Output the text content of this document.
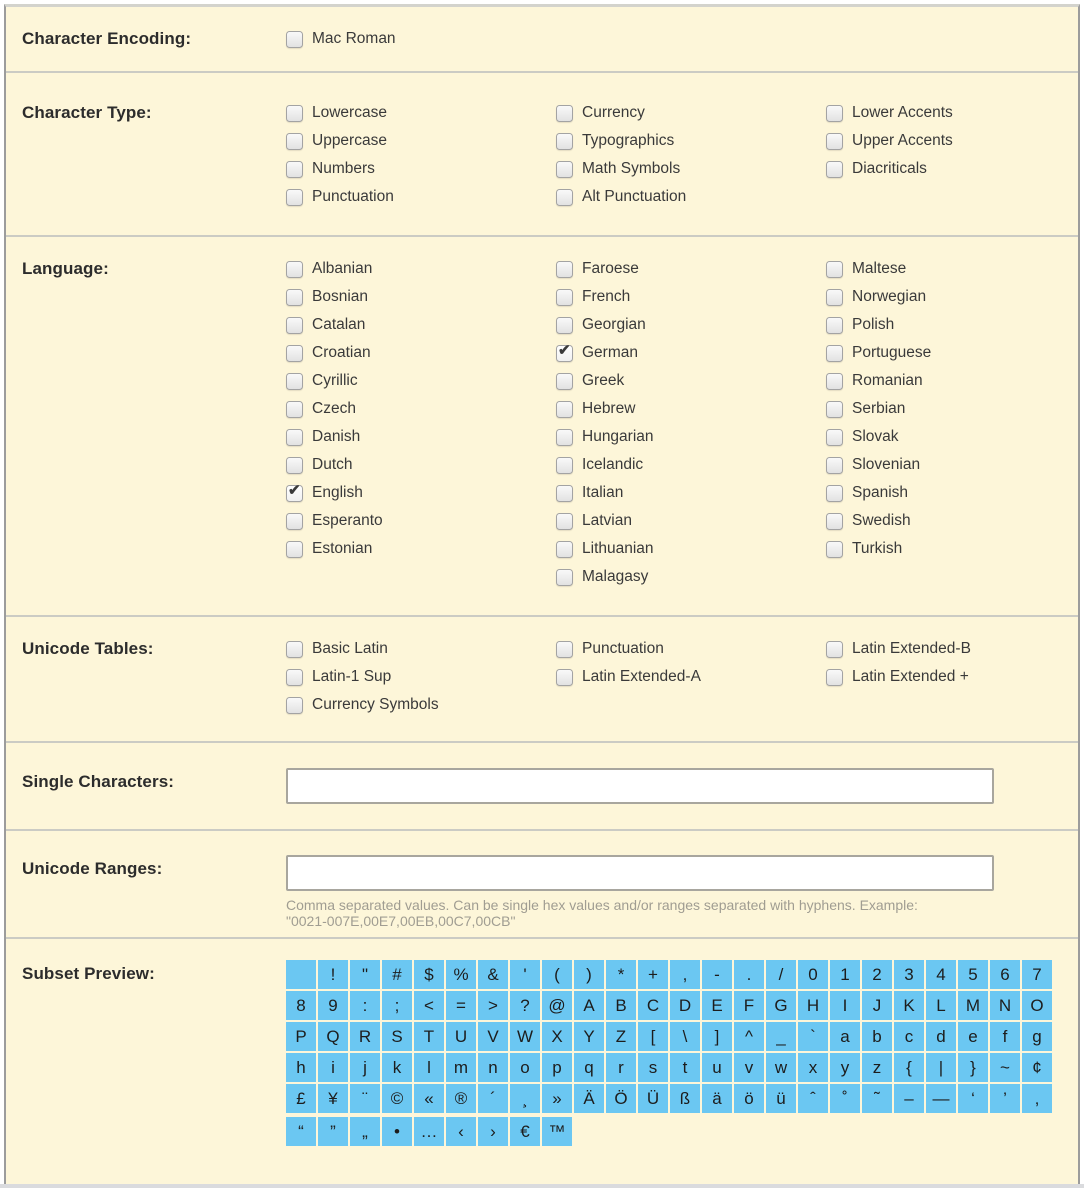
Character Encoding:	Mac Roman
Character Type:	Lowercase
Uppercase
Numbers
Punctuation
Currency
Typographics
Math Symbols
Alt Punctuation
Lower Accents
Upper Accents
Diacriticals
Language:	Albanian
Bosnian
Catalan
Croatian
Cyrillic
Czech
Danish
Dutch
✔ English
Esperanto
Estonian
Faroese
French
Georgian
✔ German
Greek
Hebrew
Hungarian
Icelandic
Italian
Latvian
Lithuanian
Malagasy
Maltese
Norwegian
Polish
Portuguese
Romanian
Serbian
Slovak
Slovenian
Spanish
Swedish
Turkish
Unicode Tables:	Basic Latin
Latin-1 Sup
Currency Symbols
Punctuation
Latin Extended-A
Latin Extended-B
Latin Extended +
Single Characters:
Unicode Ranges:
Comma separated values. Can be single hex values and/or ranges separated with hyphens. Example: "0021-007E,00E7,00EB,00C7,00CB"
Subset Preview:	!	"	#	$	%	&	'	(	)	*	+	,	-	.	/	0	1	2	3	4	5	6	7
8	9	:	;	<	=	>	?	@	A	B	C	D	E	F	G	H	I	J	K	L	M	N	O
P	Q	R	S	T	U	V	W	X	Y	Z	[	\	]	^	_	`	a	b	c	d	e	f	g
h	i	j	k	l	m	n	o	p	q	r	s	t	u	v	w	x	y	z	{	|	}	~	¢
£	¥	¨	©	«	®	´	¸	»	Ä	Ö	Ü	ß	ä	ö	ü	ˆ	˚	˜	–	—	‘	’	‚
“	”	„	•	…	‹	›	€	™
